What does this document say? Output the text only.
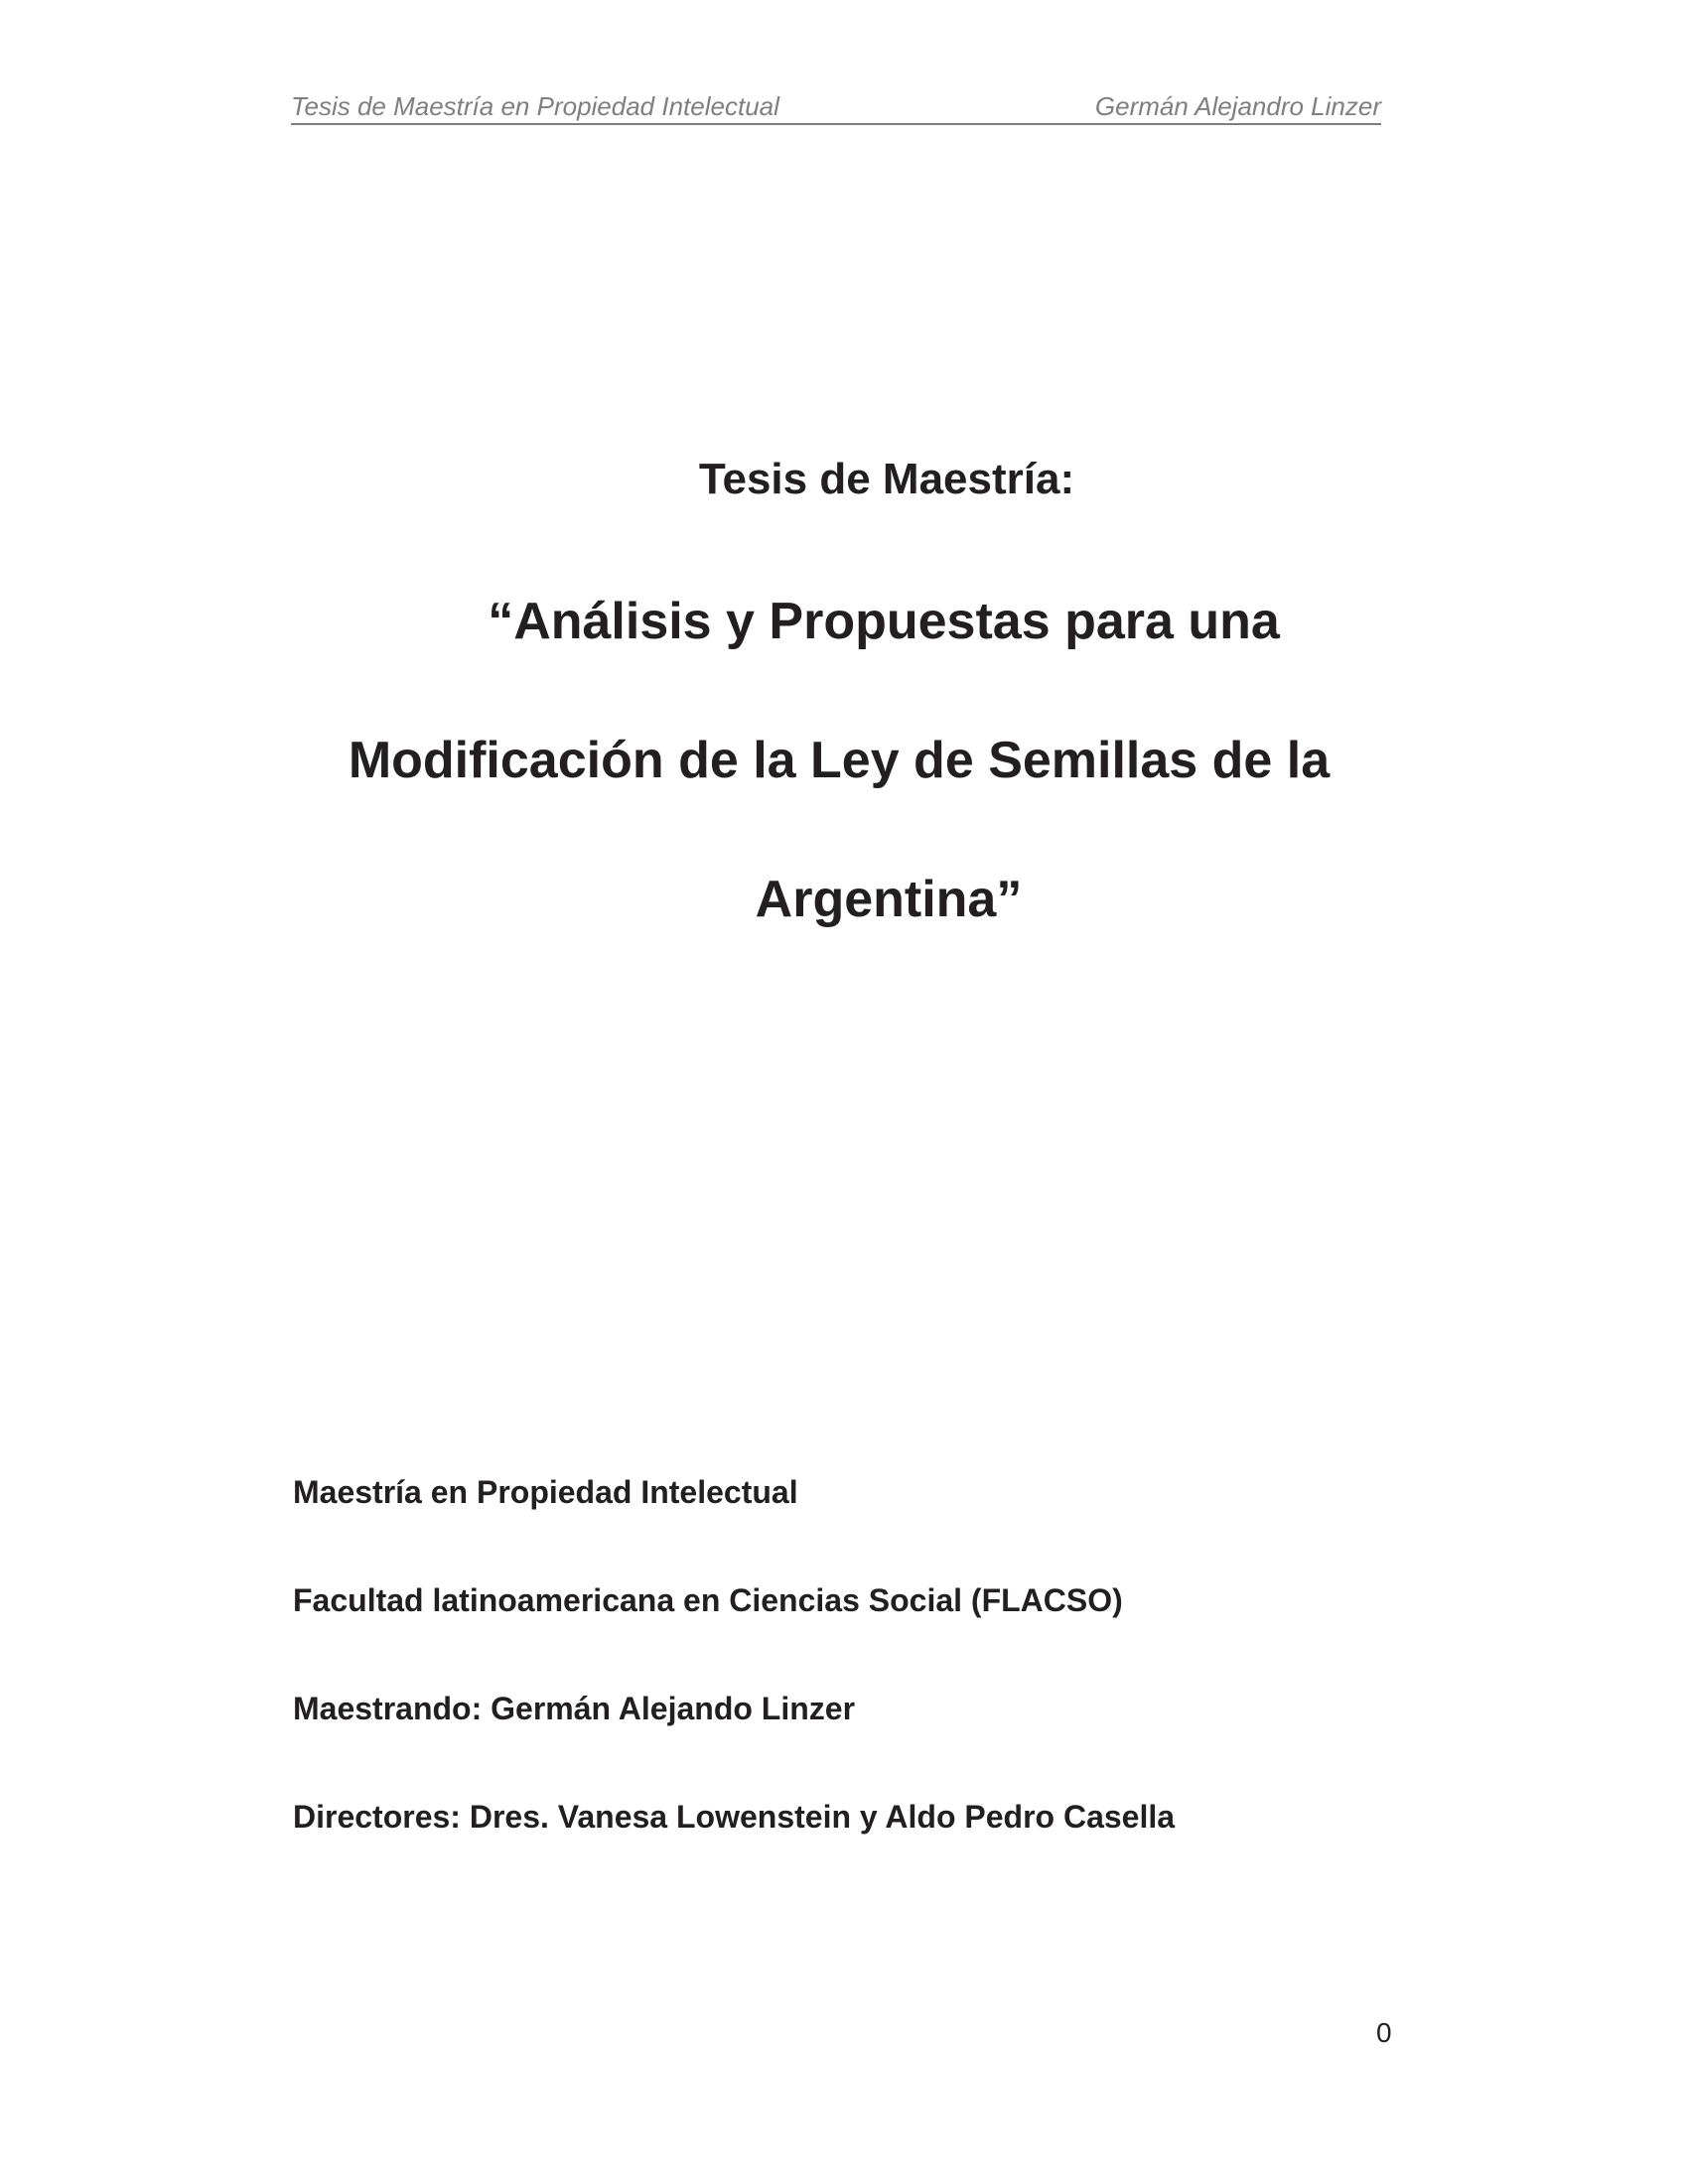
Tesis de Maestría en Propiedad Intelectual	Germán Alejandro Linzer
Tesis de Maestría:
“Análisis y Propuestas para una
Modificación de la Ley de Semillas de la
Argentina”
Maestría en Propiedad Intelectual
Facultad latinoamericana en Ciencias Social (FLACSO)
Maestrando: Germán Alejando Linzer
Directores: Dres. Vanesa Lowenstein y Aldo Pedro Casella
0
